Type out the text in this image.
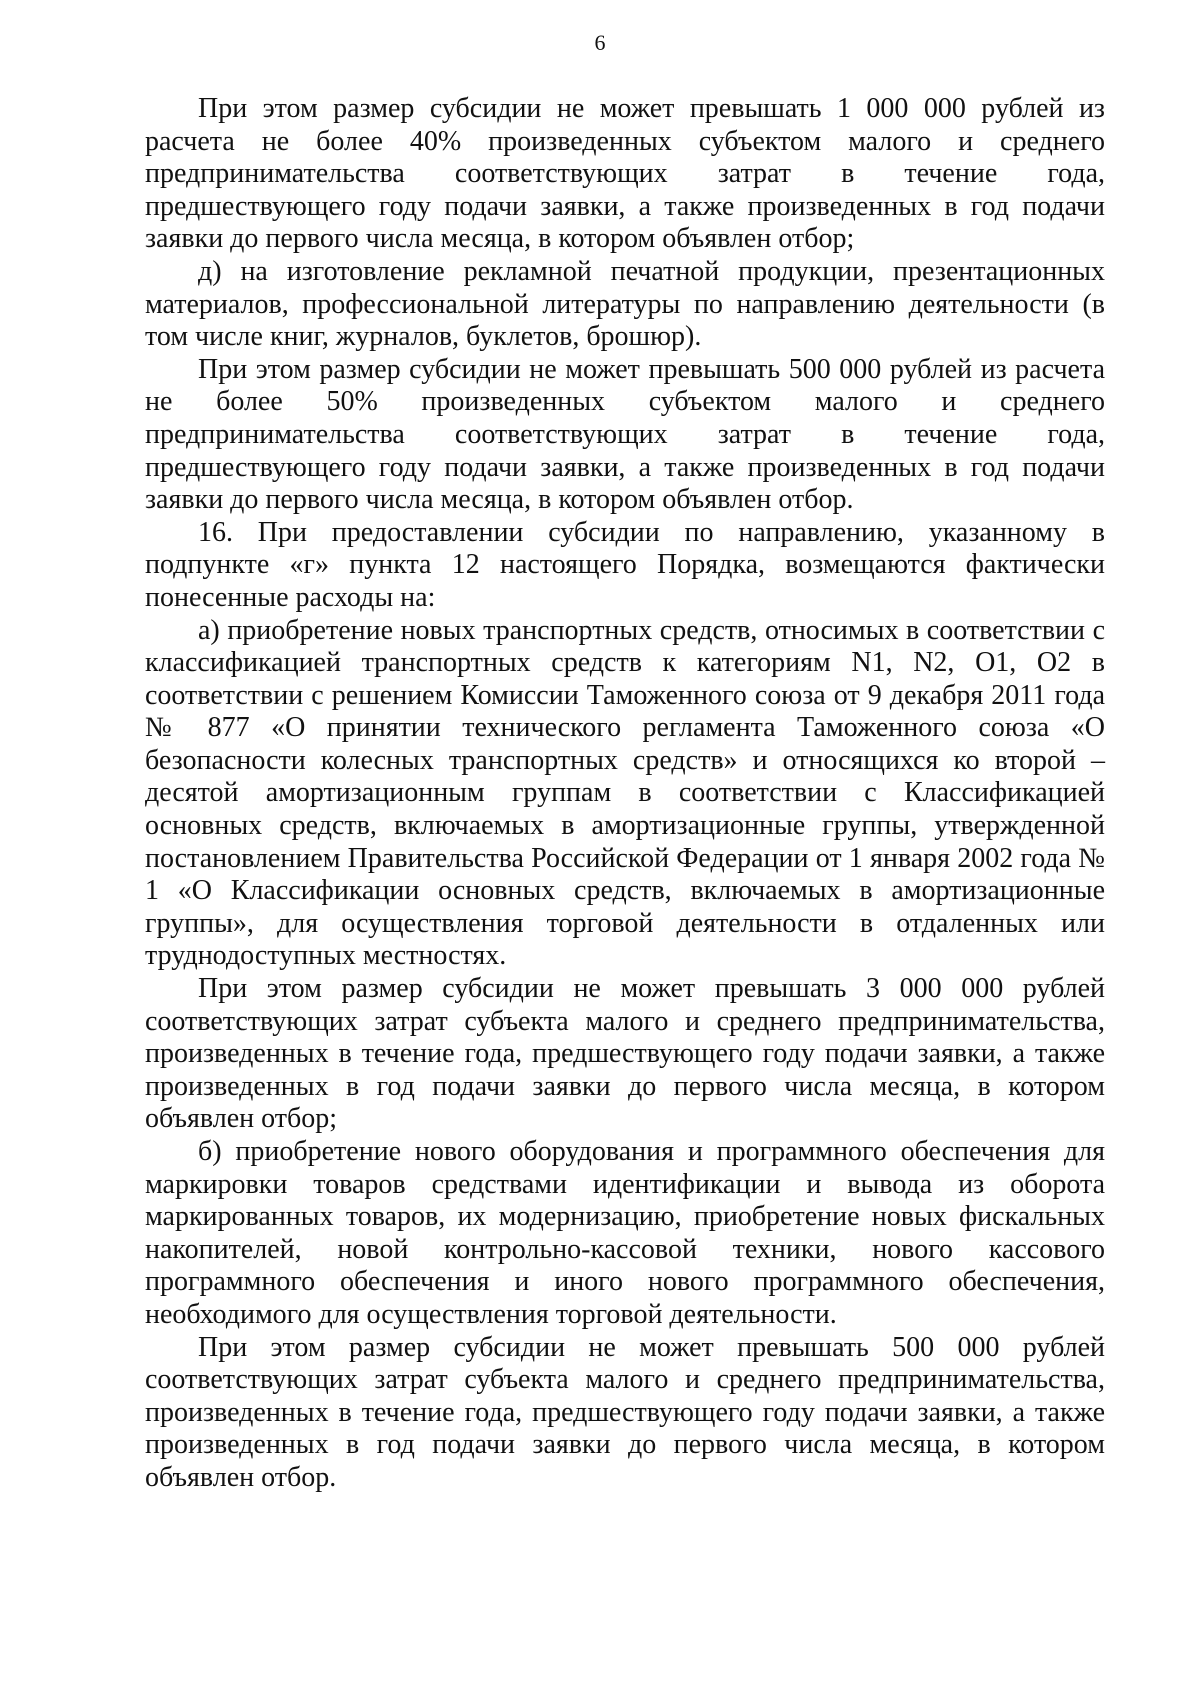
6

При этом размер субсидии не может превышать 1 000 000 рублей из расчета не более 40% произведенных субъектом малого и среднего предпринимательства соответствующих затрат в течение года, предшествующего году подачи заявки, а также произведенных в год подачи заявки до первого числа месяца, в котором объявлен отбор;

д) на изготовление рекламной печатной продукции, презентационных материалов, профессиональной литературы по направлению деятельности (в том числе книг, журналов, буклетов, брошюр).

При этом размер субсидии не может превышать 500 000 рублей из расчета не более 50% произведенных субъектом малого и среднего предпринимательства соответствующих затрат в течение года, предшествующего году подачи заявки, а также произведенных в год подачи заявки до первого числа месяца, в котором объявлен отбор.

16. При предоставлении субсидии по направлению, указанному в подпункте «г» пункта 12 настоящего Порядка, возмещаются фактически понесенные расходы на:

а) приобретение новых транспортных средств, относимых в соответствии с классификацией транспортных средств к категориям N1, N2, O1, O2 в соответствии с решением Комиссии Таможенного союза от 9 декабря 2011 года № 877 «О принятии технического регламента Таможенного союза «О безопасности колесных транспортных средств» и относящихся ко второй – десятой амортизационным группам в соответствии с Классификацией основных средств, включаемых в амортизационные группы, утвержденной постановлением Правительства Российской Федерации от 1 января 2002 года № 1 «О Классификации основных средств, включаемых в амортизационные группы», для осуществления торговой деятельности в отдаленных или труднодоступных местностях.

При этом размер субсидии не может превышать 3 000 000 рублей соответствующих затрат субъекта малого и среднего предпринимательства, произведенных в течение года, предшествующего году подачи заявки, а также произведенных в год подачи заявки до первого числа месяца, в котором объявлен отбор;

б) приобретение нового оборудования и программного обеспечения для маркировки товаров средствами идентификации и вывода из оборота маркированных товаров, их модернизацию, приобретение новых фискальных накопителей, новой контрольно-кассовой техники, нового кассового программного обеспечения и иного нового программного обеспечения, необходимого для осуществления торговой деятельности.

При этом размер субсидии не может превышать 500 000 рублей соответствующих затрат субъекта малого и среднего предпринимательства, произведенных в течение года, предшествующего году подачи заявки, а также произведенных в год подачи заявки до первого числа месяца, в котором объявлен отбор.
